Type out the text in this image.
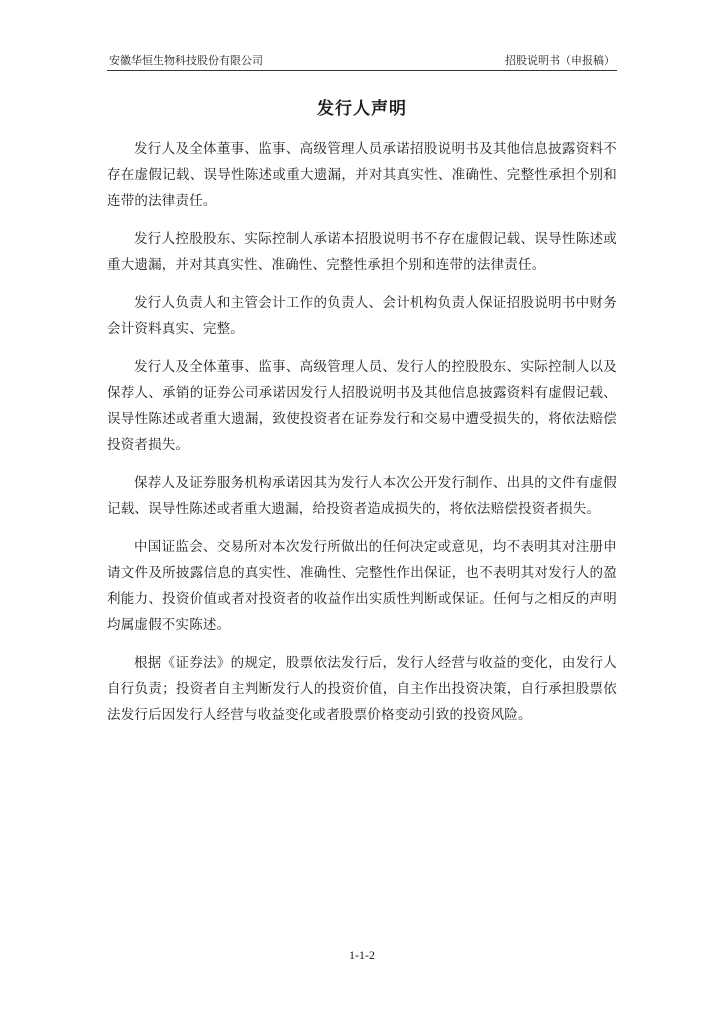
安徽华恒生物科技股份有限公司	招股说明书（申报稿）
发行人声明

发行人及全体董事、监事、高级管理人员承诺招股说明书及其他信息披露资料不存在虚假记载、误导性陈述或重大遗漏，并对其真实性、准确性、完整性承担个别和连带的法律责任。

发行人控股股东、实际控制人承诺本招股说明书不存在虚假记载、误导性陈述或重大遗漏，并对其真实性、准确性、完整性承担个别和连带的法律责任。

发行人负责人和主管会计工作的负责人、会计机构负责人保证招股说明书中财务会计资料真实、完整。

发行人及全体董事、监事、高级管理人员、发行人的控股股东、实际控制人以及保荐人、承销的证券公司承诺因发行人招股说明书及其他信息披露资料有虚假记载、误导性陈述或者重大遗漏，致使投资者在证券发行和交易中遭受损失的，将依法赔偿投资者损失。

保荐人及证券服务机构承诺因其为发行人本次公开发行制作、出具的文件有虚假记载、误导性陈述或者重大遗漏，给投资者造成损失的，将依法赔偿投资者损失。

中国证监会、交易所对本次发行所做出的任何决定或意见，均不表明其对注册申请文件及所披露信息的真实性、准确性、完整性作出保证，也不表明其对发行人的盈利能力、投资价值或者对投资者的收益作出实质性判断或保证。任何与之相反的声明均属虚假不实陈述。

根据《证券法》的规定，股票依法发行后，发行人经营与收益的变化，由发行人自行负责；投资者自主判断发行人的投资价值，自主作出投资决策，自行承担股票依法发行后因发行人经营与收益变化或者股票价格变动引致的投资风险。

1-1-2
